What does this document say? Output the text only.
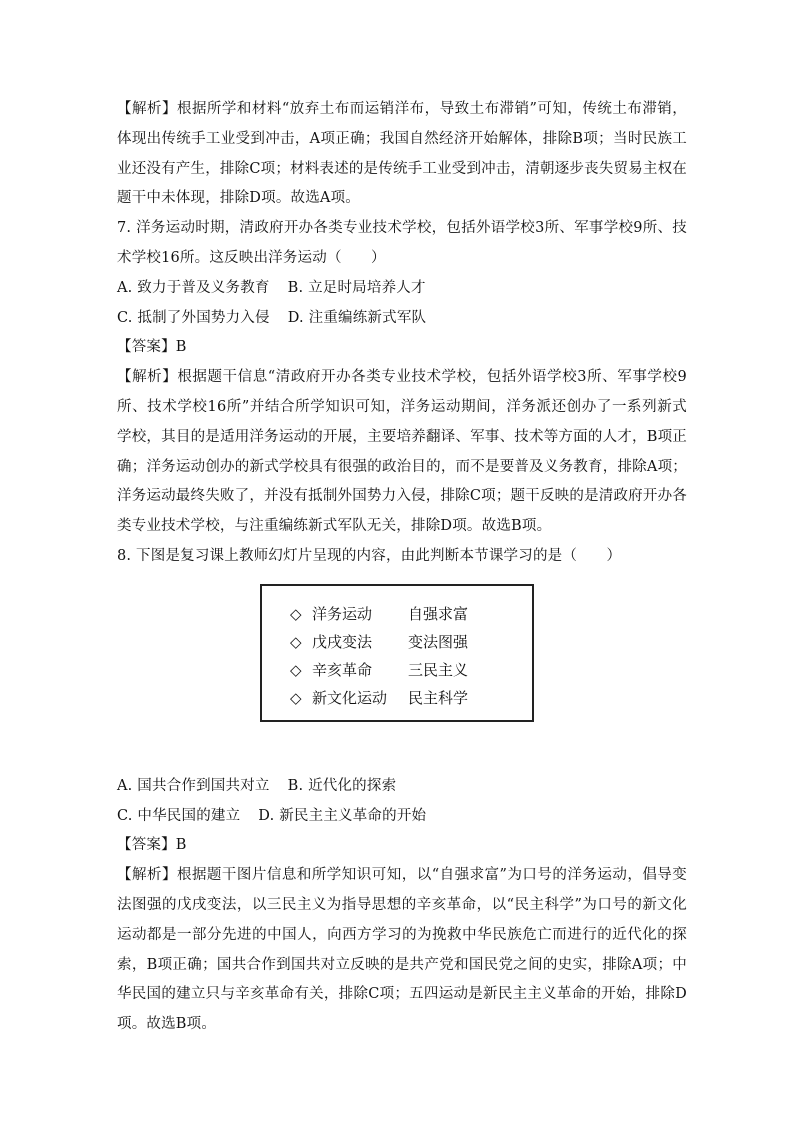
【解析】根据所学和材料“放弃土布而运销洋布，导致土布滞销”可知，传统土布滞销，体现出传统手工业受到冲击，A项正确；我国自然经济开始解体，排除B项；当时民族工业还没有产生，排除C项；材料表述的是传统手工业受到冲击，清朝逐步丧失贸易主权在题干中未体现，排除D项。故选A项。

7. 洋务运动时期，清政府开办各类专业技术学校，包括外语学校3所、军事学校9所、技术学校16所。这反映出洋务运动（　　）

A. 致力于普及义务教育 B. 立足时局培养人才

C. 抵制了外国势力入侵 D. 注重编练新式军队

【答案】B

【解析】根据题干信息“清政府开办各类专业技术学校，包括外语学校3所、军事学校9所、技术学校16所”并结合所学知识可知，洋务运动期间，洋务派还创办了一系列新式学校，其目的是适用洋务运动的开展，主要培养翻译、军事、技术等方面的人才，B项正确；洋务运动创办的新式学校具有很强的政治目的，而不是要普及义务教育，排除A项；洋务运动最终失败了，并没有抵制外国势力入侵，排除C项；题干反映的是清政府开办各类专业技术学校，与注重编练新式军队无关，排除D项。故选B项。

8. 下图是复习课上教师幻灯片呈现的内容，由此判断本节课学习的是（　　）

◇ 洋务运动	自强求富
◇ 戊戌变法	变法图强
◇ 辛亥革命	三民主义
◇ 新文化运动	民主科学

A. 国共合作到国共对立 B. 近代化的探索

C. 中华民国的建立 D. 新民主主义革命的开始

【答案】B

【解析】根据题干图片信息和所学知识可知，以“自强求富”为口号的洋务运动，倡导变法图强的戊戌变法，以三民主义为指导思想的辛亥革命，以“民主科学”为口号的新文化运动都是一部分先进的中国人，向西方学习的为挽救中华民族危亡而进行的近代化的探索，B项正确；国共合作到国共对立反映的是共产党和国民党之间的史实，排除A项；中华民国的建立只与辛亥革命有关，排除C项；五四运动是新民主主义革命的开始，排除D项。故选B项。
